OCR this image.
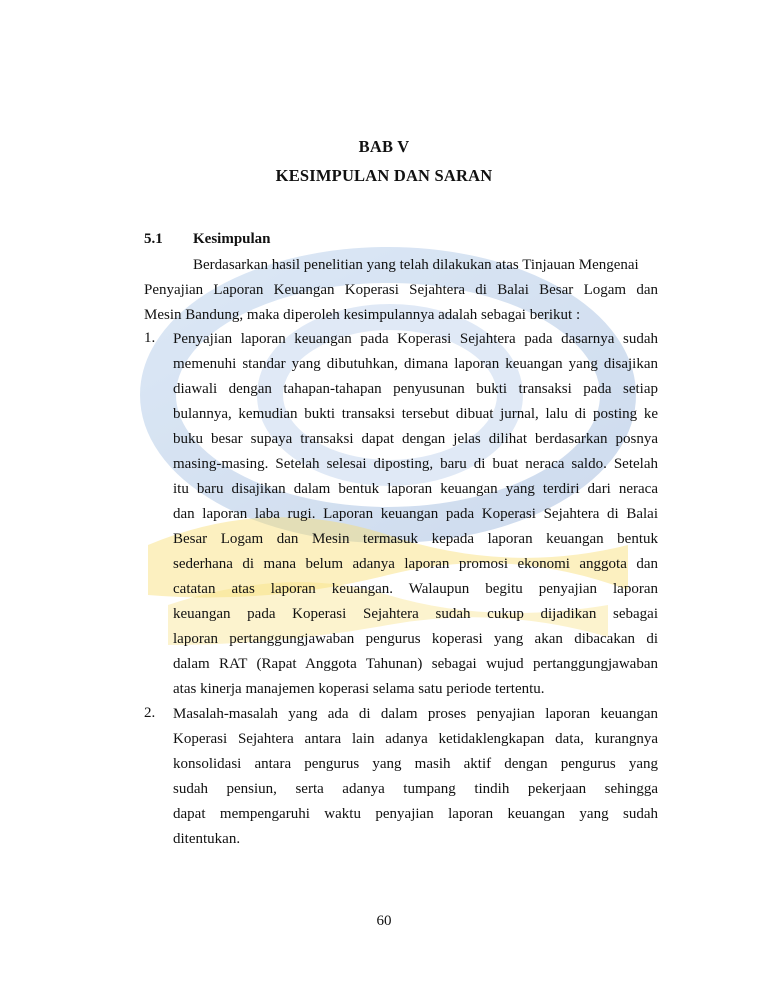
BAB V
KESIMPULAN DAN SARAN
5.1 Kesimpulan
Berdasarkan hasil penelitian yang telah dilakukan atas Tinjauan Mengenai
Penyajian Laporan Keuangan Koperasi Sejahtera di Balai Besar Logam dan
Mesin Bandung, maka diperoleh kesimpulannya adalah sebagai berikut :
1. Penyajian laporan keuangan pada Koperasi Sejahtera pada dasarnya sudah
memenuhi standar yang dibutuhkan, dimana laporan keuangan yang disajikan
diawali dengan tahapan-tahapan penyusunan bukti transaksi pada setiap
bulannya, kemudian bukti transaksi tersebut dibuat jurnal, lalu di posting ke
buku besar supaya transaksi dapat dengan jelas dilihat berdasarkan posnya
masing-masing. Setelah selesai diposting, baru di buat neraca saldo. Setelah
itu baru disajikan dalam bentuk laporan keuangan yang terdiri dari neraca
dan laporan laba rugi. Laporan keuangan pada Koperasi Sejahtera di Balai
Besar Logam dan Mesin termasuk kepada laporan keuangan bentuk
sederhana di mana belum adanya laporan promosi ekonomi anggota dan
catatan atas laporan keuangan. Walaupun begitu penyajian laporan
keuangan pada Koperasi Sejahtera sudah cukup dijadikan sebagai
laporan pertanggungjawaban pengurus koperasi yang akan dibacakan di
dalam RAT (Rapat Anggota Tahunan) sebagai wujud pertanggungjawaban
atas kinerja manajemen koperasi selama satu periode tertentu.
2. Masalah-masalah yang ada di dalam proses penyajian laporan keuangan
Koperasi Sejahtera antara lain adanya ketidaklengkapan data, kurangnya
konsolidasi antara pengurus yang masih aktif dengan pengurus yang
sudah pensiun, serta adanya tumpang tindih pekerjaan sehingga
dapat mempengaruhi waktu penyajian laporan keuangan yang sudah
ditentukan.
60
